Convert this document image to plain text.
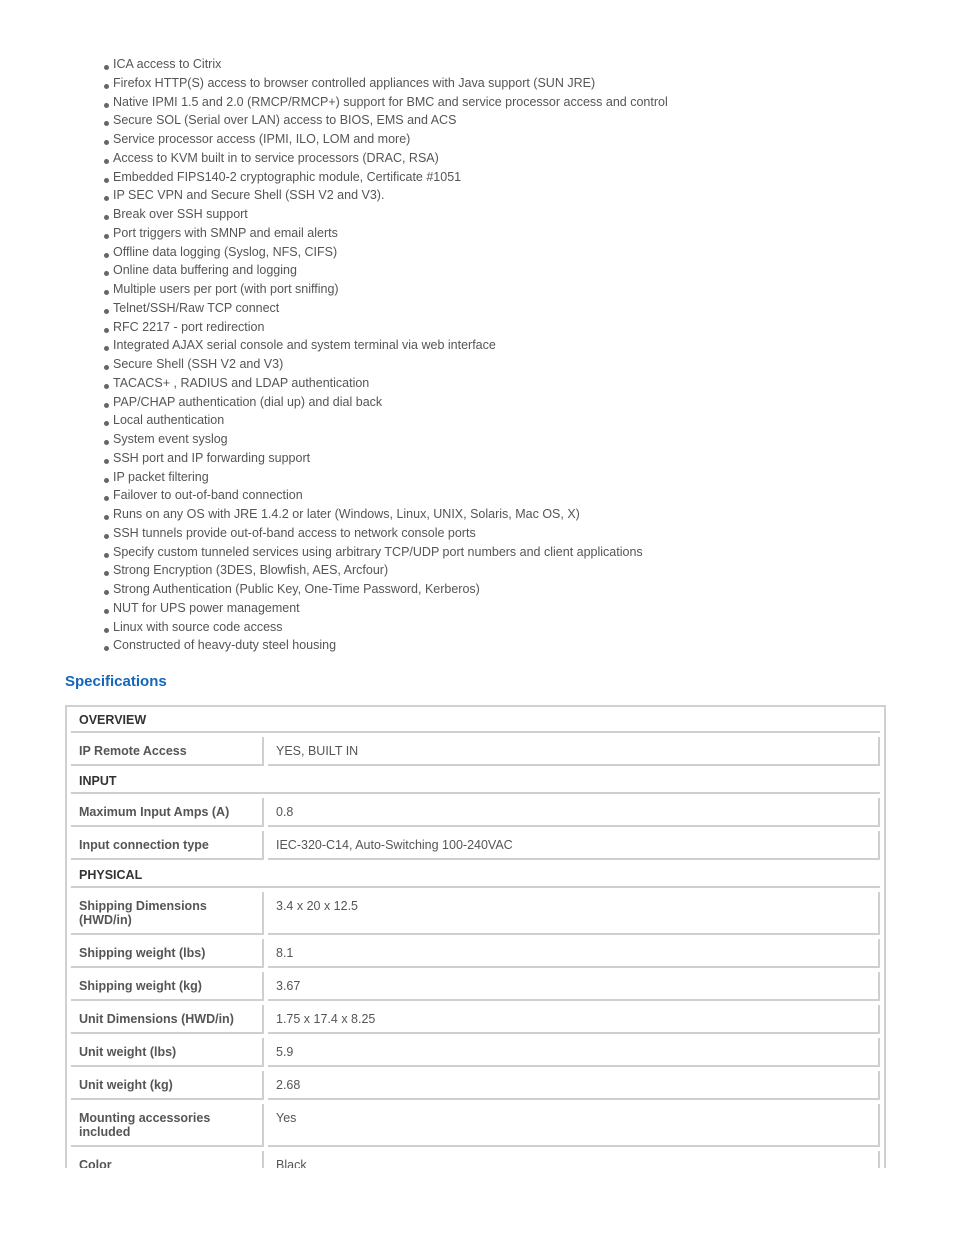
ICA access to Citrix
Firefox HTTP(S) access to browser controlled appliances with Java support (SUN JRE)
Native IPMI 1.5 and 2.0 (RMCP/RMCP+) support for BMC and service processor access and control
Secure SOL (Serial over LAN) access to BIOS, EMS and ACS
Service processor access (IPMI, ILO, LOM and more)
Access to KVM built in to service processors (DRAC, RSA)
Embedded FIPS140-2 cryptographic module, Certificate #1051
IP SEC VPN and Secure Shell (SSH V2 and V3).
Break over SSH support
Port triggers with SMNP and email alerts
Offline data logging (Syslog, NFS, CIFS)
Online data buffering and logging
Multiple users per port (with port sniffing)
Telnet/SSH/Raw TCP connect
RFC 2217 - port redirection
Integrated AJAX serial console and system terminal via web interface
Secure Shell (SSH V2 and V3)
TACACS+ , RADIUS and LDAP authentication
PAP/CHAP authentication (dial up) and dial back
Local authentication
System event syslog
SSH port and IP forwarding support
IP packet filtering
Failover to out-of-band connection
Runs on any OS with JRE 1.4.2 or later (Windows, Linux, UNIX, Solaris, Mac OS, X)
SSH tunnels provide out-of-band access to network console ports
Specify custom tunneled services using arbitrary TCP/UDP port numbers and client applications
Strong Encryption (3DES, Blowfish, AES, Arcfour)
Strong Authentication (Public Key, One-Time Password, Kerberos)
NUT for UPS power management
Linux with source code access
Constructed of heavy-duty steel housing
Specifications
OVERVIEW	
IP Remote Access	YES, BUILT IN
INPUT	
Maximum Input Amps (A)	0.8
Input connection type	IEC-320-C14, Auto-Switching 100-240VAC
PHYSICAL	
Shipping Dimensions (HWD/in)	3.4 x 20 x 12.5
Shipping weight (lbs)	8.1
Shipping weight (kg)	3.67
Unit Dimensions (HWD/in)	1.75 x 17.4 x 8.25
Unit weight (lbs)	5.9
Unit weight (kg)	2.68
Mounting accessories included	Yes
Color	Black
